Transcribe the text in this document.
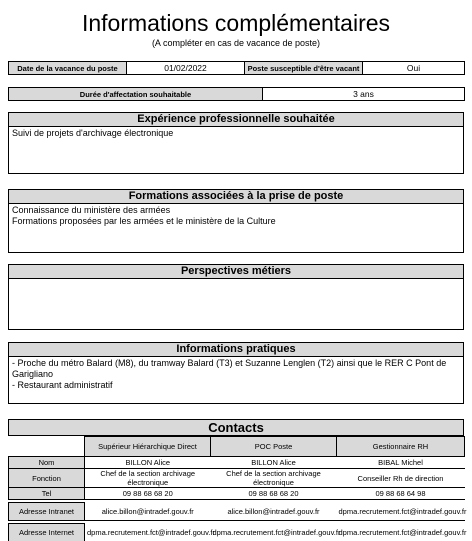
Informations complémentaires
(A compléter en cas de vacance de poste)
Date de la vacance du poste	01/02/2022	Poste susceptible d'être vacant	Oui
Durée d'affectation souhaitable	3 ans
Expérience professionnelle souhaitée
Suivi de projets d'archivage électronique
Formations associées à la prise de poste
Connaissance du ministère des armées
Formations proposées par les armées et le ministère de la Culture
Perspectives métiers
Informations pratiques
- Proche du métro Balard (M8), du tramway Balard (T3) et Suzanne Lenglen (T2) ainsi que le RER C Pont de Garigliano
- Restaurant administratif
Contacts
	Supérieur Hiérarchique Direct	POC Poste	Gestionnaire RH
Nom	BILLON Alice	BILLON Alice	BIBAL Michel
Fonction	Chef de la section archivage électronique	Chef de la section archivage électronique	Conseiller Rh de direction
Tel	09 88 68 68 20	09 88 68 68 20	09 88 68 64 98

Adresse Intranet	alice.billon@intradef.gouv.fr	alice.billon@intradef.gouv.fr	dpma.recrutement.fct@intradef.gouv.fr

Adresse Internet	dpma.recrutement.fct@intradef.gouv.fr	dpma.recrutement.fct@intradef.gouv.fr	dpma.recrutement.fct@intradef.gouv.fr
